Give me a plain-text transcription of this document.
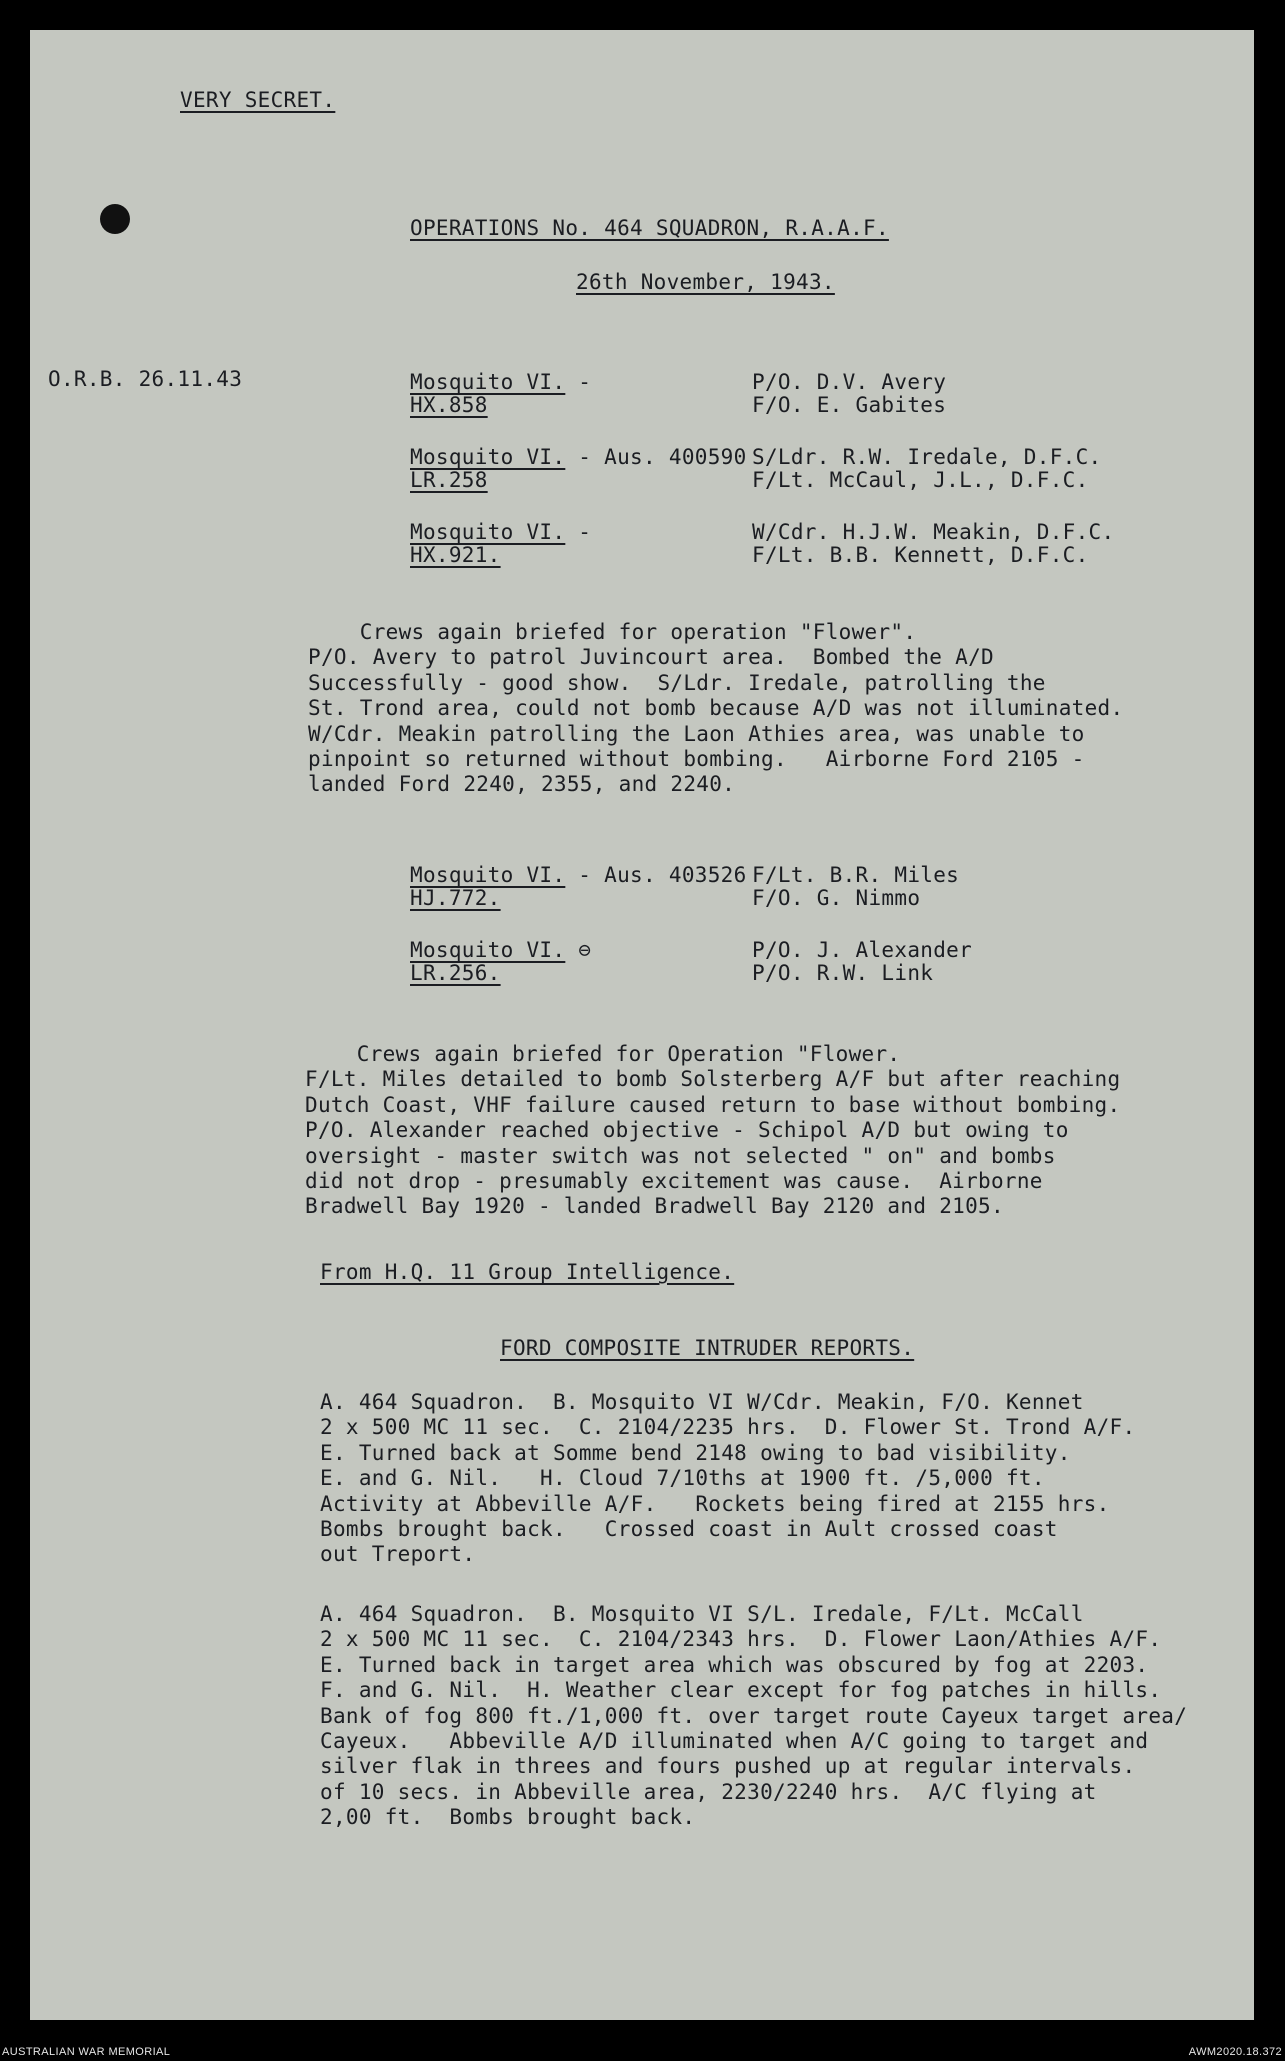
VERY SECRET.
OPERATIONS No. 464 SQUADRON, R.A.A.F.
26th November, 1943.
O.R.B. 26.11.43	Mosquito VI. -
HX.858
P/O. D.V. Avery
F/O. E. Gabites
Mosquito VI. - Aus. 400590
LR.258
S/Ldr. R.W. Iredale, D.F.C.
F/Lt. McCaul, J.L., D.F.C.
Mosquito VI. -
HX.921.
W/Cdr. H.J.W. Meakin, D.F.C.
F/Lt. B.B. Kennett, D.F.C.
Crews again briefed for operation "Flower".
P/O. Avery to patrol Juvincourt area.  Bombed the A/D
Successfully - good show.  S/Ldr. Iredale, patrolling the
St. Trond area, could not bomb because A/D was not illuminated.
W/Cdr. Meakin patrolling the Laon Athies area, was unable to
pinpoint so returned without bombing.   Airborne Ford 2105 -
landed Ford 2240, 2355, and 2240.
Mosquito VI. - Aus. 403526
HJ.772.
F/Lt. B.R. Miles
F/O. G. Nimmo
Mosquito VI. ⊖
LR.256.
P/O. J. Alexander
P/O. R.W. Link
Crews again briefed for Operation "Flower.
F/Lt. Miles detailed to bomb Solsterberg A/F but after reaching
Dutch Coast, VHF failure caused return to base without bombing.
P/O. Alexander reached objective - Schipol A/D but owing to
oversight - master switch was not selected " on" and bombs
did not drop - presumably excitement was cause.  Airborne
Bradwell Bay 1920 - landed Bradwell Bay 2120 and 2105.
From H.Q. 11 Group Intelligence.
FORD COMPOSITE INTRUDER REPORTS.
A. 464 Squadron.  B. Mosquito VI W/Cdr. Meakin, F/O. Kennet
2 x 500 MC 11 sec.  C. 2104/2235 hrs.  D. Flower St. Trond A/F.
E. Turned back at Somme bend 2148 owing to bad visibility.
E. and G. Nil.   H. Cloud 7/10ths at 1900 ft. /5,000 ft.
Activity at Abbeville A/F.   Rockets being fired at 2155 hrs.
Bombs brought back.   Crossed coast in Ault crossed coast
out Treport.
A. 464 Squadron.  B. Mosquito VI S/L. Iredale, F/Lt. McCall
2 x 500 MC 11 sec.  C. 2104/2343 hrs.  D. Flower Laon/Athies A/F.
E. Turned back in target area which was obscured by fog at 2203.
F. and G. Nil.  H. Weather clear except for fog patches in hills.
Bank of fog 800 ft./1,000 ft. over target route Cayeux target area/
Cayeux.   Abbeville A/D illuminated when A/C going to target and
silver flak in threes and fours pushed up at regular intervals.
of 10 secs. in Abbeville area, 2230/2240 hrs.  A/C flying at
2,00 ft.  Bombs brought back.
AUSTRALIAN WAR MEMORIAL	AWM2020.18.372
